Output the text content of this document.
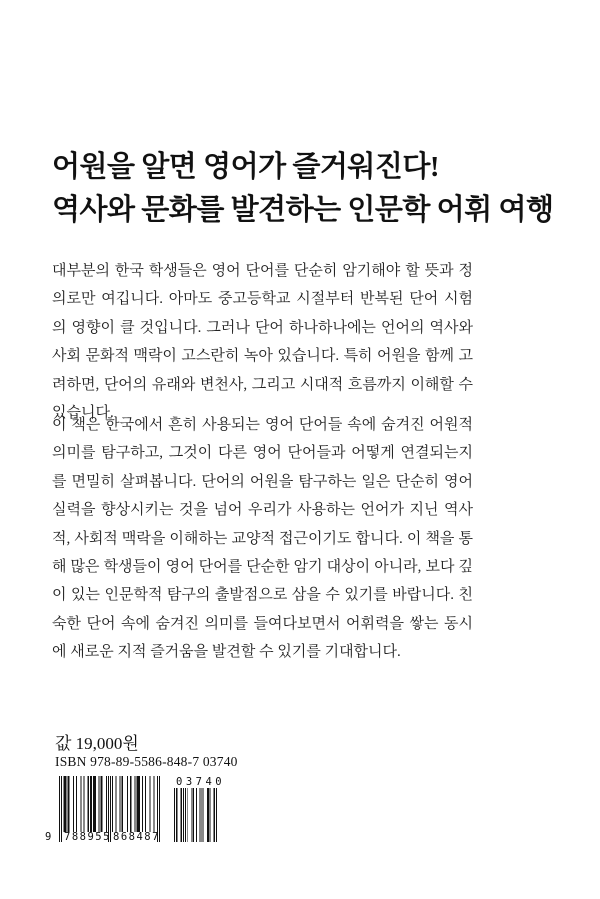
어원을 알면 영어가 즐거워진다!
역사와 문화를 발견하는 인문학 어휘 여행

대부분의 한국 학생들은 영어 단어를 단순히 암기해야 할 뜻과 정의로만 여깁니다. 아마도 중고등학교 시절부터 반복된 단어 시험의 영향이 클 것입니다. 그러나 단어 하나하나에는 언어의 역사와 사회 문화적 맥락이 고스란히 녹아 있습니다. 특히 어원을 함께 고려하면, 단어의 유래와 변천사, 그리고 시대적 흐름까지 이해할 수 있습니다.

이 책은 한국에서 흔히 사용되는 영어 단어들 속에 숨겨진 어원적 의미를 탐구하고, 그것이 다른 영어 단어들과 어떻게 연결되는지를 면밀히 살펴봅니다. 단어의 어원을 탐구하는 일은 단순히 영어 실력을 향상시키는 것을 넘어 우리가 사용하는 언어가 지닌 역사적, 사회적 맥락을 이해하는 교양적 접근이기도 합니다. 이 책을 통해 많은 학생들이 영어 단어를 단순한 암기 대상이 아니라, 보다 깊이 있는 인문학적 탐구의 출발점으로 삼을 수 있기를 바랍니다. 친숙한 단어 속에 숨겨진 의미를 들여다보면서 어휘력을 쌓는 동시에 새로운 지적 즐거움을 발견할 수 있기를 기대합니다.

값 19,000원
ISBN 978-89-5586-848-7 03740
9 788955 868487
03740
